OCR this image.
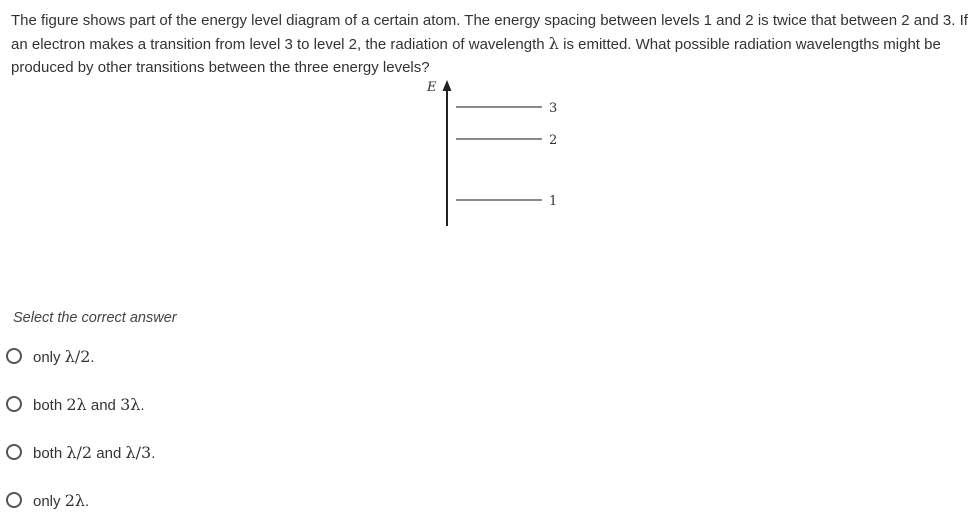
The figure shows part of the energy level diagram of a certain atom. The energy spacing between levels 1 and 2 is twice that between 2 and 3. If an electron makes a transition from level 3 to level 2, the radiation of wavelength λ is emitted. What possible radiation wavelengths might be produced by other transitions between the three energy levels?
E
3
2
1
Select the correct answer
only λ/2.
both 2λ and 3λ.
both λ/2 and λ/3.
only 2λ.
